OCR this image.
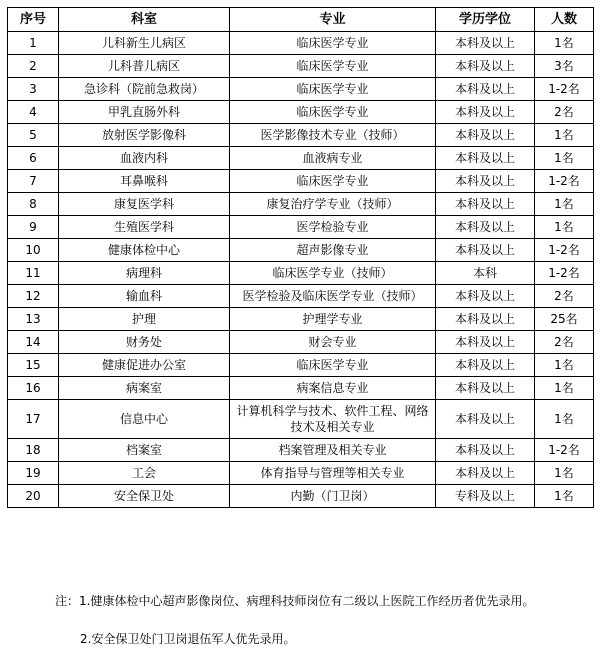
序号	科室	专业	学历学位	人数
1	儿科新生儿病区	临床医学专业	本科及以上	1名
2	儿科普儿病区	临床医学专业	本科及以上	3名
3	急诊科（院前急救岗）	临床医学专业	本科及以上	1-2名
4	甲乳直肠外科	临床医学专业	本科及以上	2名
5	放射医学影像科	医学影像技术专业（技师）	本科及以上	1名
6	血液内科	血液病专业	本科及以上	1名
7	耳鼻喉科	临床医学专业	本科及以上	1-2名
8	康复医学科	康复治疗学专业（技师）	本科及以上	1名
9	生殖医学科	医学检验专业	本科及以上	1名
10	健康体检中心	超声影像专业	本科及以上	1-2名
11	病理科	临床医学专业（技师）	本科	1-2名
12	输血科	医学检验及临床医学专业（技师）	本科及以上	2名
13	护理	护理学专业	本科及以上	25名
14	财务处	财会专业	本科及以上	2名
15	健康促进办公室	临床医学专业	本科及以上	1名
16	病案室	病案信息专业	本科及以上	1名
17	信息中心	计算机科学与技术、软件工程、网络技术及相关专业	本科及以上	1名
18	档案室	档案管理及相关专业	本科及以上	1-2名
19	工会	体育指导与管理等相关专业	本科及以上	1名
20	安全保卫处	内勤（门卫岗）	专科及以上	1名
注：1.健康体检中心超声影像岗位、病理科技师岗位有二级以上医院工作经历者优先录用。
2.安全保卫处门卫岗退伍军人优先录用。
